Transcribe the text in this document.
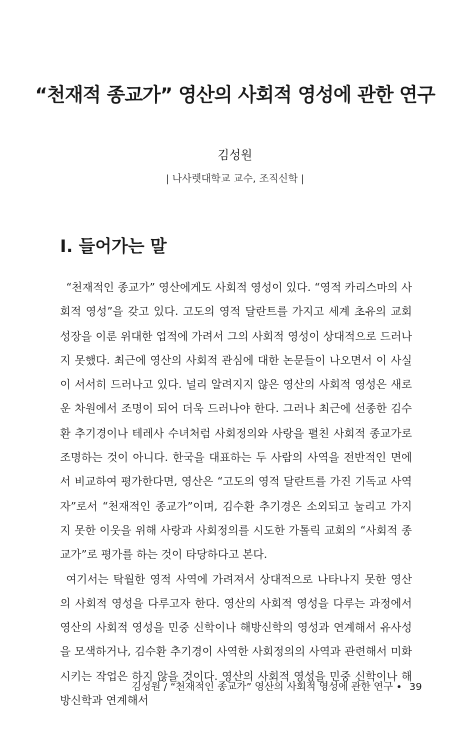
“천재적 종교가” 영산의 사회적 영성에 관한 연구
김성원
| 나사렛대학교 교수, 조직신학 |
I. 들어가는 말

“천재적인 종교가” 영산에게도 사회적 영성이 있다. “영적 카리스마의 사회적 영성”을 갖고 있다. 고도의 영적 달란트를 가지고 세계 초유의 교회성장을 이룬 위대한 업적에 가려서 그의 사회적 영성이 상대적으로 드러나지 못했다. 최근에 영산의 사회적 관심에 대한 논문들이 나오면서 이 사실이 서서히 드러나고 있다. 널리 알려지지 않은 영산의 사회적 영성은 새로운 차원에서 조명이 되어 더욱 드러나야 한다. 그러나 최근에 선종한 김수환 추기경이나 테레사 수녀처럼 사회정의와 사랑을 펼친 사회적 종교가로 조명하는 것이 아니다. 한국을 대표하는 두 사람의 사역을 전반적인 면에서 비교하여 평가한다면, 영산은 “고도의 영적 달란트를 가진 기독교 사역자”로서 “천재적인 종교가”이며, 김수환 추기경은 소외되고 눌리고 가지지 못한 이웃을 위해 사랑과 사회정의를 시도한 가톨릭 교회의 “사회적 종교가”로 평가를 하는 것이 타당하다고 본다.

여기서는 탁월한 영적 사역에 가려져서 상대적으로 나타나지 못한 영산의 사회적 영성을 다루고자 한다. 영산의 사회적 영성을 다루는 과정에서 영산의 사회적 영성을 민중 신학이나 해방신학의 영성과 연계해서 유사성을 모색하거나, 김수환 추기경이 사역한 사회정의의 사역과 관련해서 미화시키는 작업은 하지 않을 것이다. 영산의 사회적 영성을 민중 신학이나 해방신학과 연계해서

김성원 / “천재적인 종교가” 영산의 사회적 영성에 관한 연구 • 39
